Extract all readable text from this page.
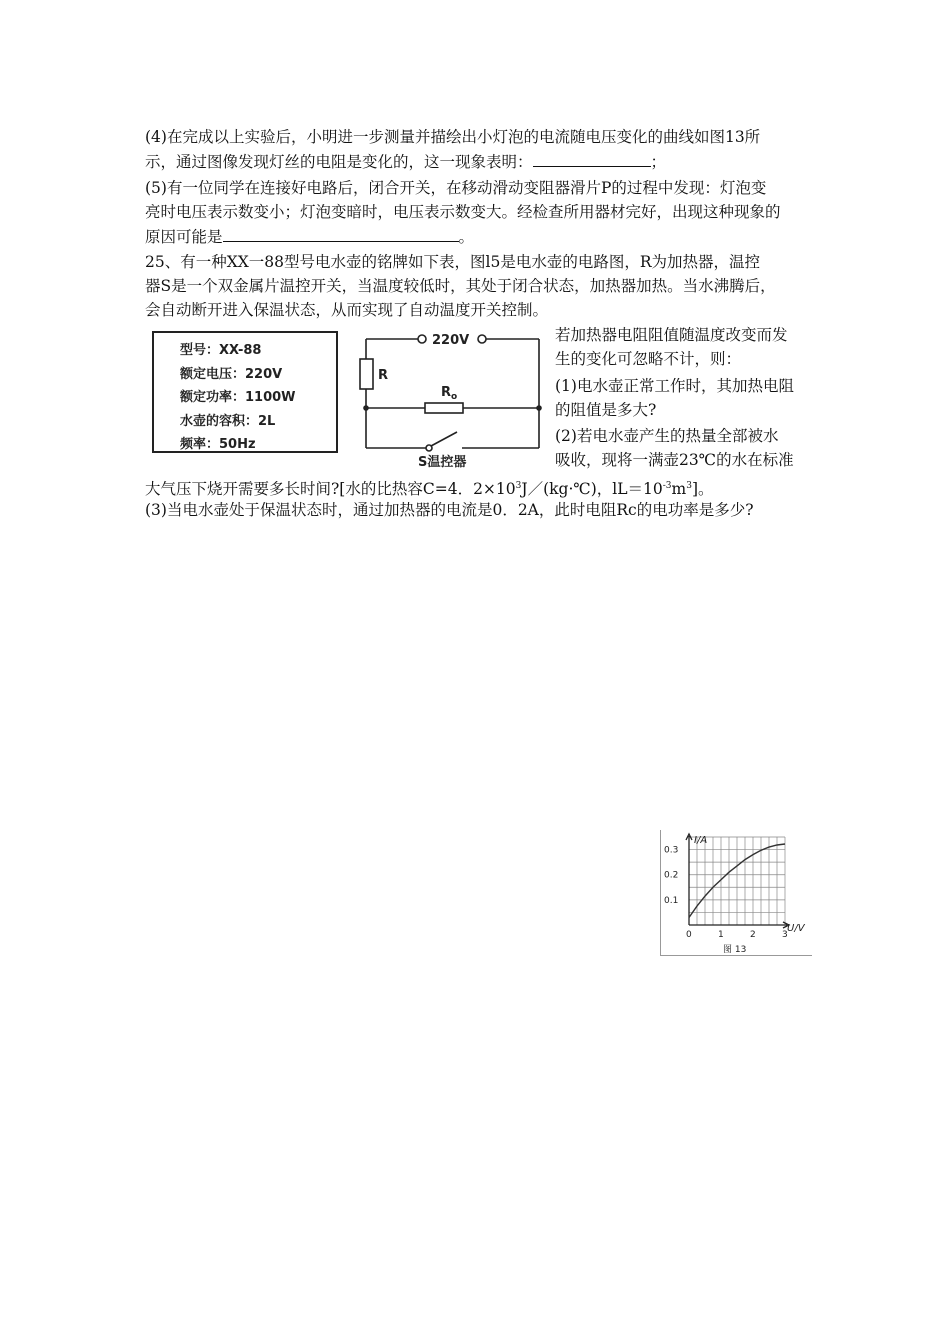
(4)在完成以上实验后，小明进一步测量并描绘出小灯泡的电流随电压变化的曲线如图13所
示，通过图像发现灯丝的电阻是变化的，这一现象表明：	；
(5)有一位同学在连接好电路后，闭合开关，在移动滑动变阻器滑片P的过程中发现：灯泡变
亮时电压表示数变小；灯泡变暗时，电压表示数变大。经检查所用器材完好，出现这种现象的
原因可能是	。
25、有一种XX一88型号电水壶的铭牌如下表，图l5是电水壶的电路图，R为加热器，温控
器S是一个双金属片温控开关，当温度较低时，其处于闭合状态，加热器加热。当水沸腾后，
会自动断开进入保温状态，从而实现了自动温度开关控制。
型号：XX-88
额定电压：220V
额定功率：1100W
水壶的容积：2L
频率：50Hz
220V
R
$R_o$
S温控器
若加热器电阻阻值随温度改变而发
生的变化可忽略不计，则：
(1)电水壶正常工作时，其加热电阻
的阻值是多大?
(2)若电水壶产生的热量全部被水
吸收，现将一满壶23℃的水在标准
大气压下烧开需要多长时间?[水的比热容C=4．$2\times 10^3J/(kg\cdot℃)$，$lL=10^{-3}m^3$]。
(3)当电水壶处于保温状态时，通过加热器的电流是0．2A，此时电阻Rc的电功率是多少?
I/A
U/V
图 13
0	1	2	3
0.1
0.2
0.3
